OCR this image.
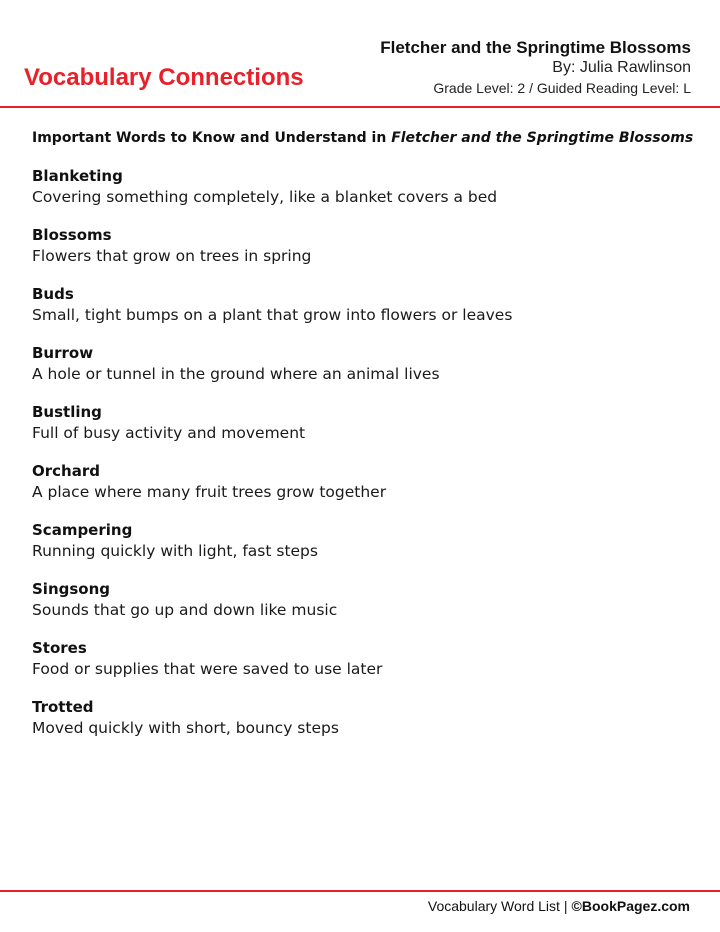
Vocabulary Connections
Fletcher and the Springtime Blossoms
By: Julia Rawlinson
Grade Level: 2 / Guided Reading Level: L

Important Words to Know and Understand in Fletcher and the Springtime Blossoms

Blanketing
Covering something completely, like a blanket covers a bed
Blossoms
Flowers that grow on trees in spring
Buds
Small, tight bumps on a plant that grow into flowers or leaves
Burrow
A hole or tunnel in the ground where an animal lives
Bustling
Full of busy activity and movement
Orchard
A place where many fruit trees grow together
Scampering
Running quickly with light, fast steps
Singsong
Sounds that go up and down like music
Stores
Food or supplies that were saved to use later
Trotted
Moved quickly with short, bouncy steps
Vocabulary Word List | ©BookPagez.com
